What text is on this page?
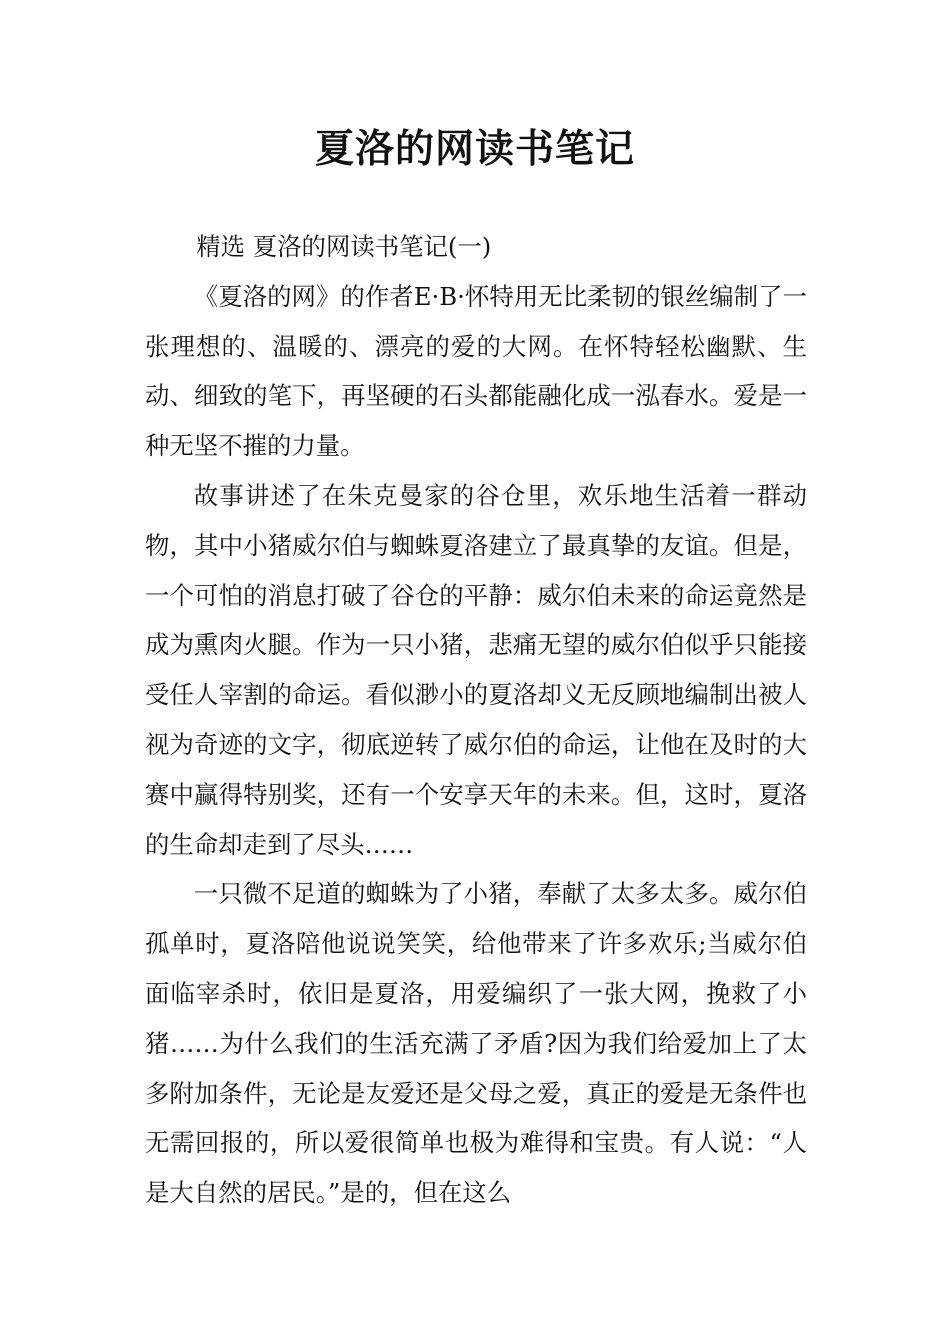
夏洛的网读书笔记

精选 夏洛的网读书笔记(一)

《夏洛的网》的作者E·B·怀特用无比柔韧的银丝编制了一张理想的、温暖的、漂亮的爱的大网。在怀特轻松幽默、生动、细致的笔下，再坚硬的石头都能融化成一泓春水。爱是一种无坚不摧的力量。

故事讲述了在朱克曼家的谷仓里，欢乐地生活着一群动物，其中小猪威尔伯与蜘蛛夏洛建立了最真挚的友谊。但是，一个可怕的消息打破了谷仓的平静：威尔伯未来的命运竟然是成为熏肉火腿。作为一只小猪，悲痛无望的威尔伯似乎只能接受任人宰割的命运。看似渺小的夏洛却义无反顾地编制出被人视为奇迹的文字，彻底逆转了威尔伯的命运，让他在及时的大赛中赢得特别奖，还有一个安享天年的未来。但，这时，夏洛的生命却走到了尽头……

一只微不足道的蜘蛛为了小猪，奉献了太多太多。威尔伯孤单时，夏洛陪他说说笑笑，给他带来了许多欢乐;当威尔伯面临宰杀时，依旧是夏洛，用爱编织了一张大网，挽救了小猪……为什么我们的生活充满了矛盾?因为我们给爱加上了太多附加条件，无论是友爱还是父母之爱，真正的爱是无条件也无需回报的，所以爱很简单也极为难得和宝贵。有人说：“人是大自然的居民。”是的，但在这么
